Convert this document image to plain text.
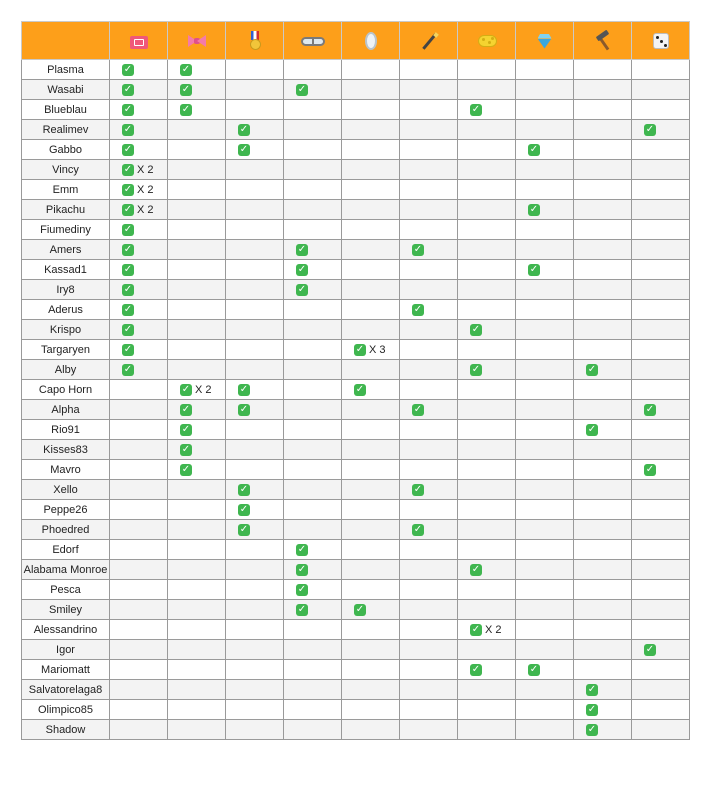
Plasma	✓	✓								
Wasabi	✓	✓		✓						
Blueblau	✓	✓					✓			
Realimev	✓		✓							✓
Gabbo	✓		✓					✓		
Vincy	✓ X 2									
Emm	✓ X 2									
Pikachu	✓ X 2							✓		
Fiumediny	✓									
Amers	✓			✓		✓				
Kassad1	✓			✓				✓		
Iry8	✓			✓						
Aderus	✓					✓				
Krispo	✓						✓			
Targaryen	✓				✓ X 3					
Alby	✓						✓		✓	
Capo Horn		✓ X 2	✓		✓					
Alpha		✓	✓			✓				✓
Rio91		✓							✓	
Kisses83		✓								
Mavro		✓								✓
Xello			✓			✓				
Peppe26			✓							
Phoedred			✓			✓				
Edorf				✓						
Alabama Monroe				✓			✓			
Pesca				✓						
Smiley				✓	✓					
Alessandrino							✓ X 2			
Igor										✓
Mariomatt							✓	✓		
Salvatorelaga8									✓	
Olimpico85									✓	
Shadow									✓	
